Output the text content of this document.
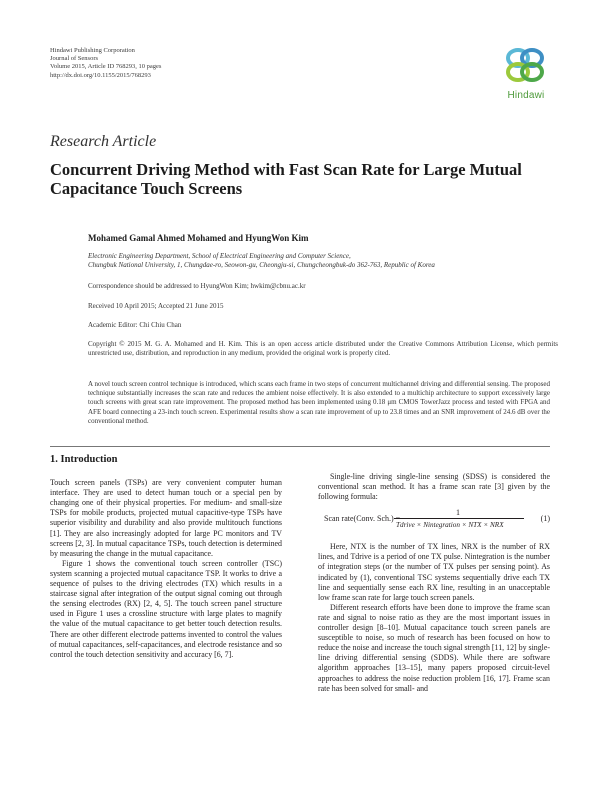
Hindawi Publishing Corporation
Journal of Sensors
Volume 2015, Article ID 768293, 10 pages
http://dx.doi.org/10.1155/2015/768293
Hindawi
Research Article
Concurrent Driving Method with Fast Scan Rate for Large Mutual Capacitance Touch Screens
Mohamed Gamal Ahmed Mohamed and HyungWon Kim
Electronic Engineering Department, School of Electrical Engineering and Computer Science,
Chungbuk National University, 1, Chungdae-ro, Seowon-gu, Cheongju-si, Chungcheongbuk-do 362-763, Republic of Korea
Correspondence should be addressed to HyungWon Kim; hwkim@cbnu.ac.kr
Received 10 April 2015; Accepted 21 June 2015
Academic Editor: Chi Chiu Chan
Copyright © 2015 M. G. A. Mohamed and H. Kim. This is an open access article distributed under the Creative Commons Attribution License, which permits unrestricted use, distribution, and reproduction in any medium, provided the original work is properly cited.
A novel touch screen control technique is introduced, which scans each frame in two steps of concurrent multichannel driving and differential sensing. The proposed technique substantially increases the scan rate and reduces the ambient noise effectively. It is also extended to a multichip architecture to support excessively large touch screens with great scan rate improvement. The proposed method has been implemented using 0.18 μm CMOS TowerJazz process and tested with FPGA and AFE board connecting a 23-inch touch screen. Experimental results show a scan rate improvement of up to 23.8 times and an SNR improvement of 24.6 dB over the conventional method.
1. Introduction

Touch screen panels (TSPs) are very convenient computer human interface. They are used to detect human touch or a special pen by changing one of their physical properties. For medium- and small-size TSPs for mobile products, projected mutual capacitive-type TSPs have superior visibility and durability and also provide multitouch functions [1]. They are also increasingly adopted for large PC monitors and TV screens [2, 3]. In mutual capacitance TSPs, touch detection is determined by measuring the change in the mutual capacitance.

Figure 1 shows the conventional touch screen controller (TSC) system scanning a projected mutual capacitance TSP. It works to drive a sequence of pulses to the driving electrodes (TX) which results in a staircase signal after integration of the output signal coming out through the sensing electrodes (RX) [2, 4, 5]. The touch screen panel structure used in Figure 1 uses a crossline structure with large plates to magnify the value of the mutual capacitance to get better touch detection results. There are other different electrode patterns invented to control the values of mutual capacitances, self-capacitances, and electrode resistance and so control the touch detection sensitivity and accuracy [6, 7].

Single-line driving single-line sensing (SDSS) is considered the conventional scan method. It has a frame scan rate [3] given by the following formula:

Scan rate(Conv. Sch.) =
1
Tdrive × Nintegration × NTX × NRX
(1)

Here, NTX is the number of TX lines, NRX is the number of RX lines, and Tdrive is a period of one TX pulse. Nintegration is the number of integration steps (or the number of TX pulses per sensing point). As indicated by (1), conventional TSC systems sequentially drive each TX line and sequentially sense each RX line, resulting in an unacceptable low frame scan rate for large touch screen panels.

Different research efforts have been done to improve the frame scan rate and signal to noise ratio as they are the most important issues in controller design [8–10]. Mutual capacitance touch screen panels are susceptible to noise, so much of research has been focused on how to reduce the noise and increase the touch signal strength [11, 12] by single-line driving differential sensing (SDDS). While there are software algorithm approaches [13–15], many papers proposed circuit-level approaches to address the noise reduction problem [16, 17]. Frame scan rate has been solved for small- and
